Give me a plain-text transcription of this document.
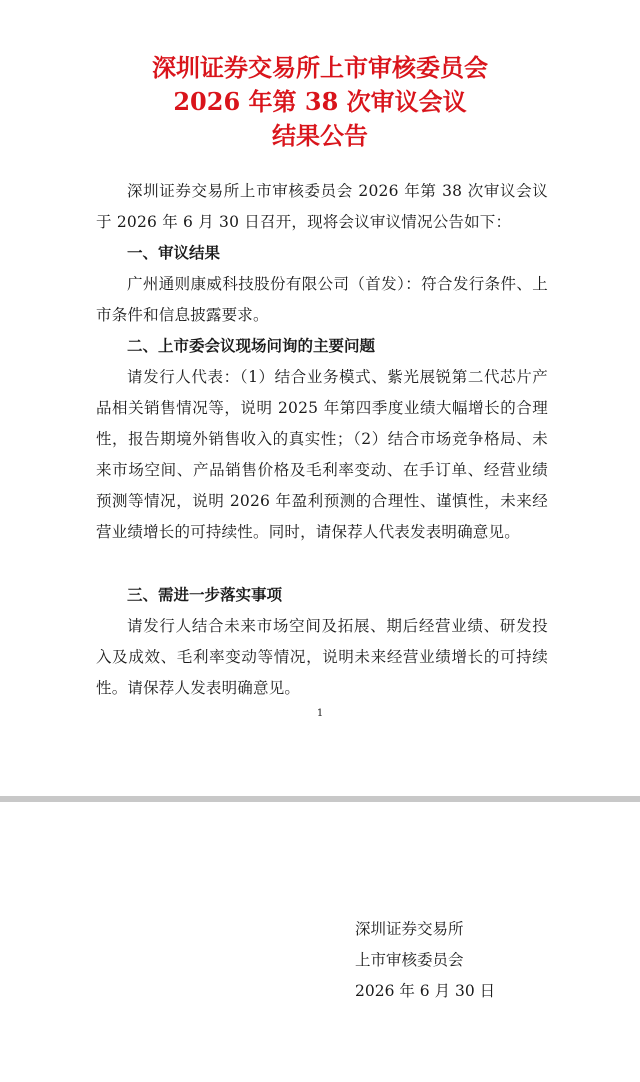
深圳证券交易所上市审核委员会
2026 年第 38 次审议会议
结果公告
深圳证券交易所上市审核委员会 2026 年第 38 次审议会议于 2026 年 6 月 30 日召开，现将会议审议情况公告如下：
一、审议结果
广州通则康威科技股份有限公司（首发）：符合发行条件、上市条件和信息披露要求。
二、上市委会议现场问询的主要问题
请发行人代表：（1）结合业务模式、紫光展锐第二代芯片产品相关销售情况等，说明 2025 年第四季度业绩大幅增长的合理性，报告期境外销售收入的真实性；（2）结合市场竞争格局、未来市场空间、产品销售价格及毛利率变动、在手订单、经营业绩预测等情况，说明 2026 年盈利预测的合理性、谨慎性，未来经营业绩增长的可持续性。同时，请保荐人代表发表明确意见。
三、需进一步落实事项
请发行人结合未来市场空间及拓展、期后经营业绩、研发投入及成效、毛利率变动等情况，说明未来经营业绩增长的可持续性。请保荐人发表明确意见。
1
深圳证券交易所
上市审核委员会
2026 年 6 月 30 日
